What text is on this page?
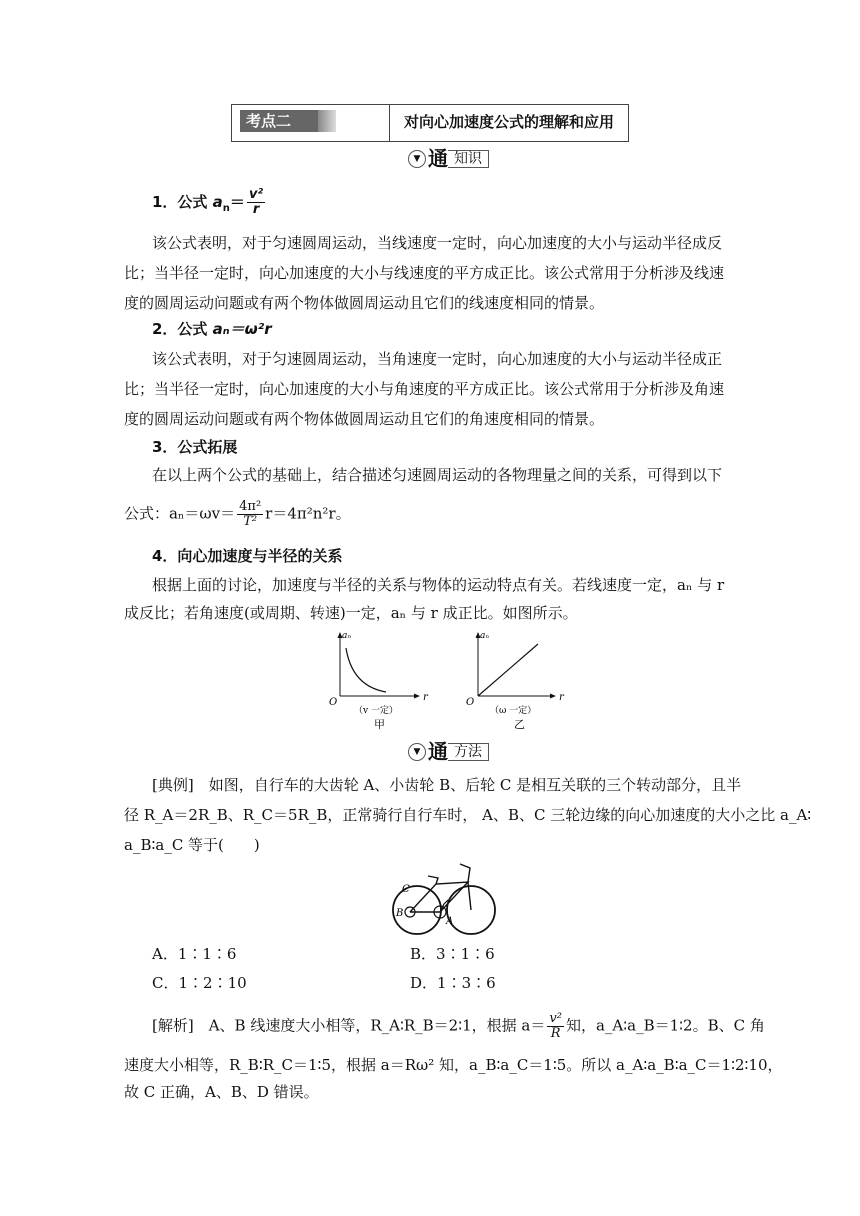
考点二	对向心加速度公式的理解和应用
▼ 通 知识
1．公式 $a_n= \frac{\text{v²}}{r}$
该公式表明，对于匀速圆周运动，当线速度一定时，向心加速度的大小与运动半径成反
比；当半径一定时，向心加速度的大小与线速度的平方成正比。该公式常用于分析涉及线速
度的圆周运动问题或有两个物体做圆周运动且它们的线速度相同的情景。
2．公式 aₙ＝ω²r
该公式表明，对于匀速圆周运动，当角速度一定时，向心加速度的大小与运动半径成正
比；当半径一定时，向心加速度的大小与角速度的平方成正比。该公式常用于分析涉及角速
度的圆周运动问题或有两个物体做圆周运动且它们的角速度相同的情景。
3．公式拓展
在以上两个公式的基础上，结合描述匀速圆周运动的各物理量之间的关系，可得到以下
公式：$a_n=\omega v= \frac{\text{4π²}}{\text{T²}} r=4\pi^2n^2r$。
4．向心加速度与半径的关系
根据上面的讨论，加速度与半径的关系与物体的运动特点有关。若线速度一定，aₙ 与 r
成反比；若角速度(或周期、转速)一定，aₙ 与 r 成正比。如图所示。
aₙ
r
O
（v 一定）
甲
aₙ
r
O
（ω 一定）
乙
▼ 通 方法
[典例]　如图，自行车的大齿轮 A、小齿轮 B、后轮 C 是相互关联的三个转动部分，且半
径 R_A＝2R_B、R_C＝5R_B，正常骑行自行车时， A、B、C 三轮边缘的向心加速度的大小之比 a_A∶
a_B∶a_C 等于(　　)
C
B
A
A．1∶1∶6	B．3∶1∶6
C．1∶2∶10	D．1∶3∶6
[解析]　A、B 线速度大小相等，R_A∶R_B＝2∶1，根据 $a= \frac{\text{v²}}{R}$ 知，a_A∶a_B＝1∶2。B、C 角
速度大小相等，R_B∶R_C＝1∶5，根据 a＝Rω² 知，a_B∶a_C＝1∶5。所以 a_A∶a_B∶a_C＝1∶2∶10，
故 C 正确，A、B、D 错误。
